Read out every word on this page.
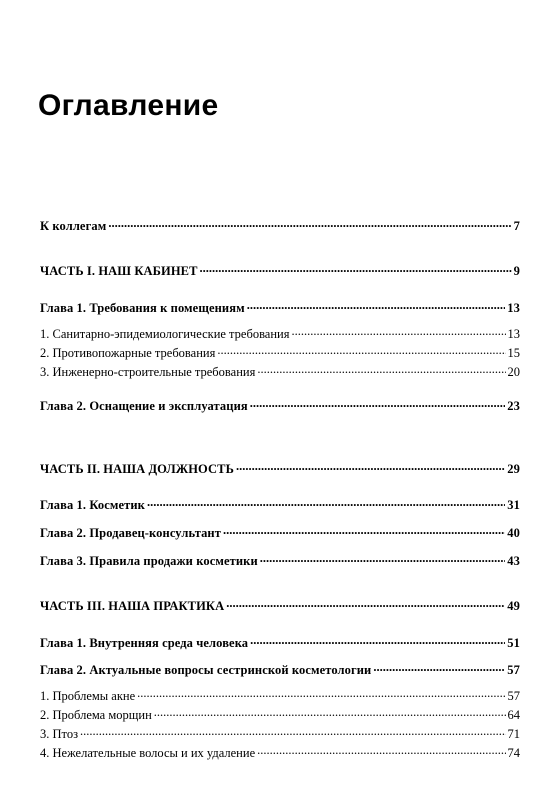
Оглавление
К коллегам .....	7
ЧАСТЬ I. НАШ КАБИНЕТ .....	9
Глава 1. Требования к помещениям .....	13
1. Санитарно-эпидемиологические требования .....	13
2. Противопожарные требования .....	15
3. Инженерно-строительные требования .....	20
Глава 2. Оснащение и эксплуатация .....	23
ЧАСТЬ II. НАША ДОЛЖНОСТЬ .....	29
Глава 1. Косметик .....	31
Глава 2. Продавец-консультант .....	40
Глава 3. Правила продажи косметики .....	43
ЧАСТЬ III. НАША ПРАКТИКА .....	49
Глава 1. Внутренняя среда человека .....	51
Глава 2. Актуальные вопросы сестринской косметологии .....	57
1. Проблемы акне .....	57
2. Проблема морщин .....	64
3. Птоз .....	71
4. Нежелательные волосы и их удаление .....	74
